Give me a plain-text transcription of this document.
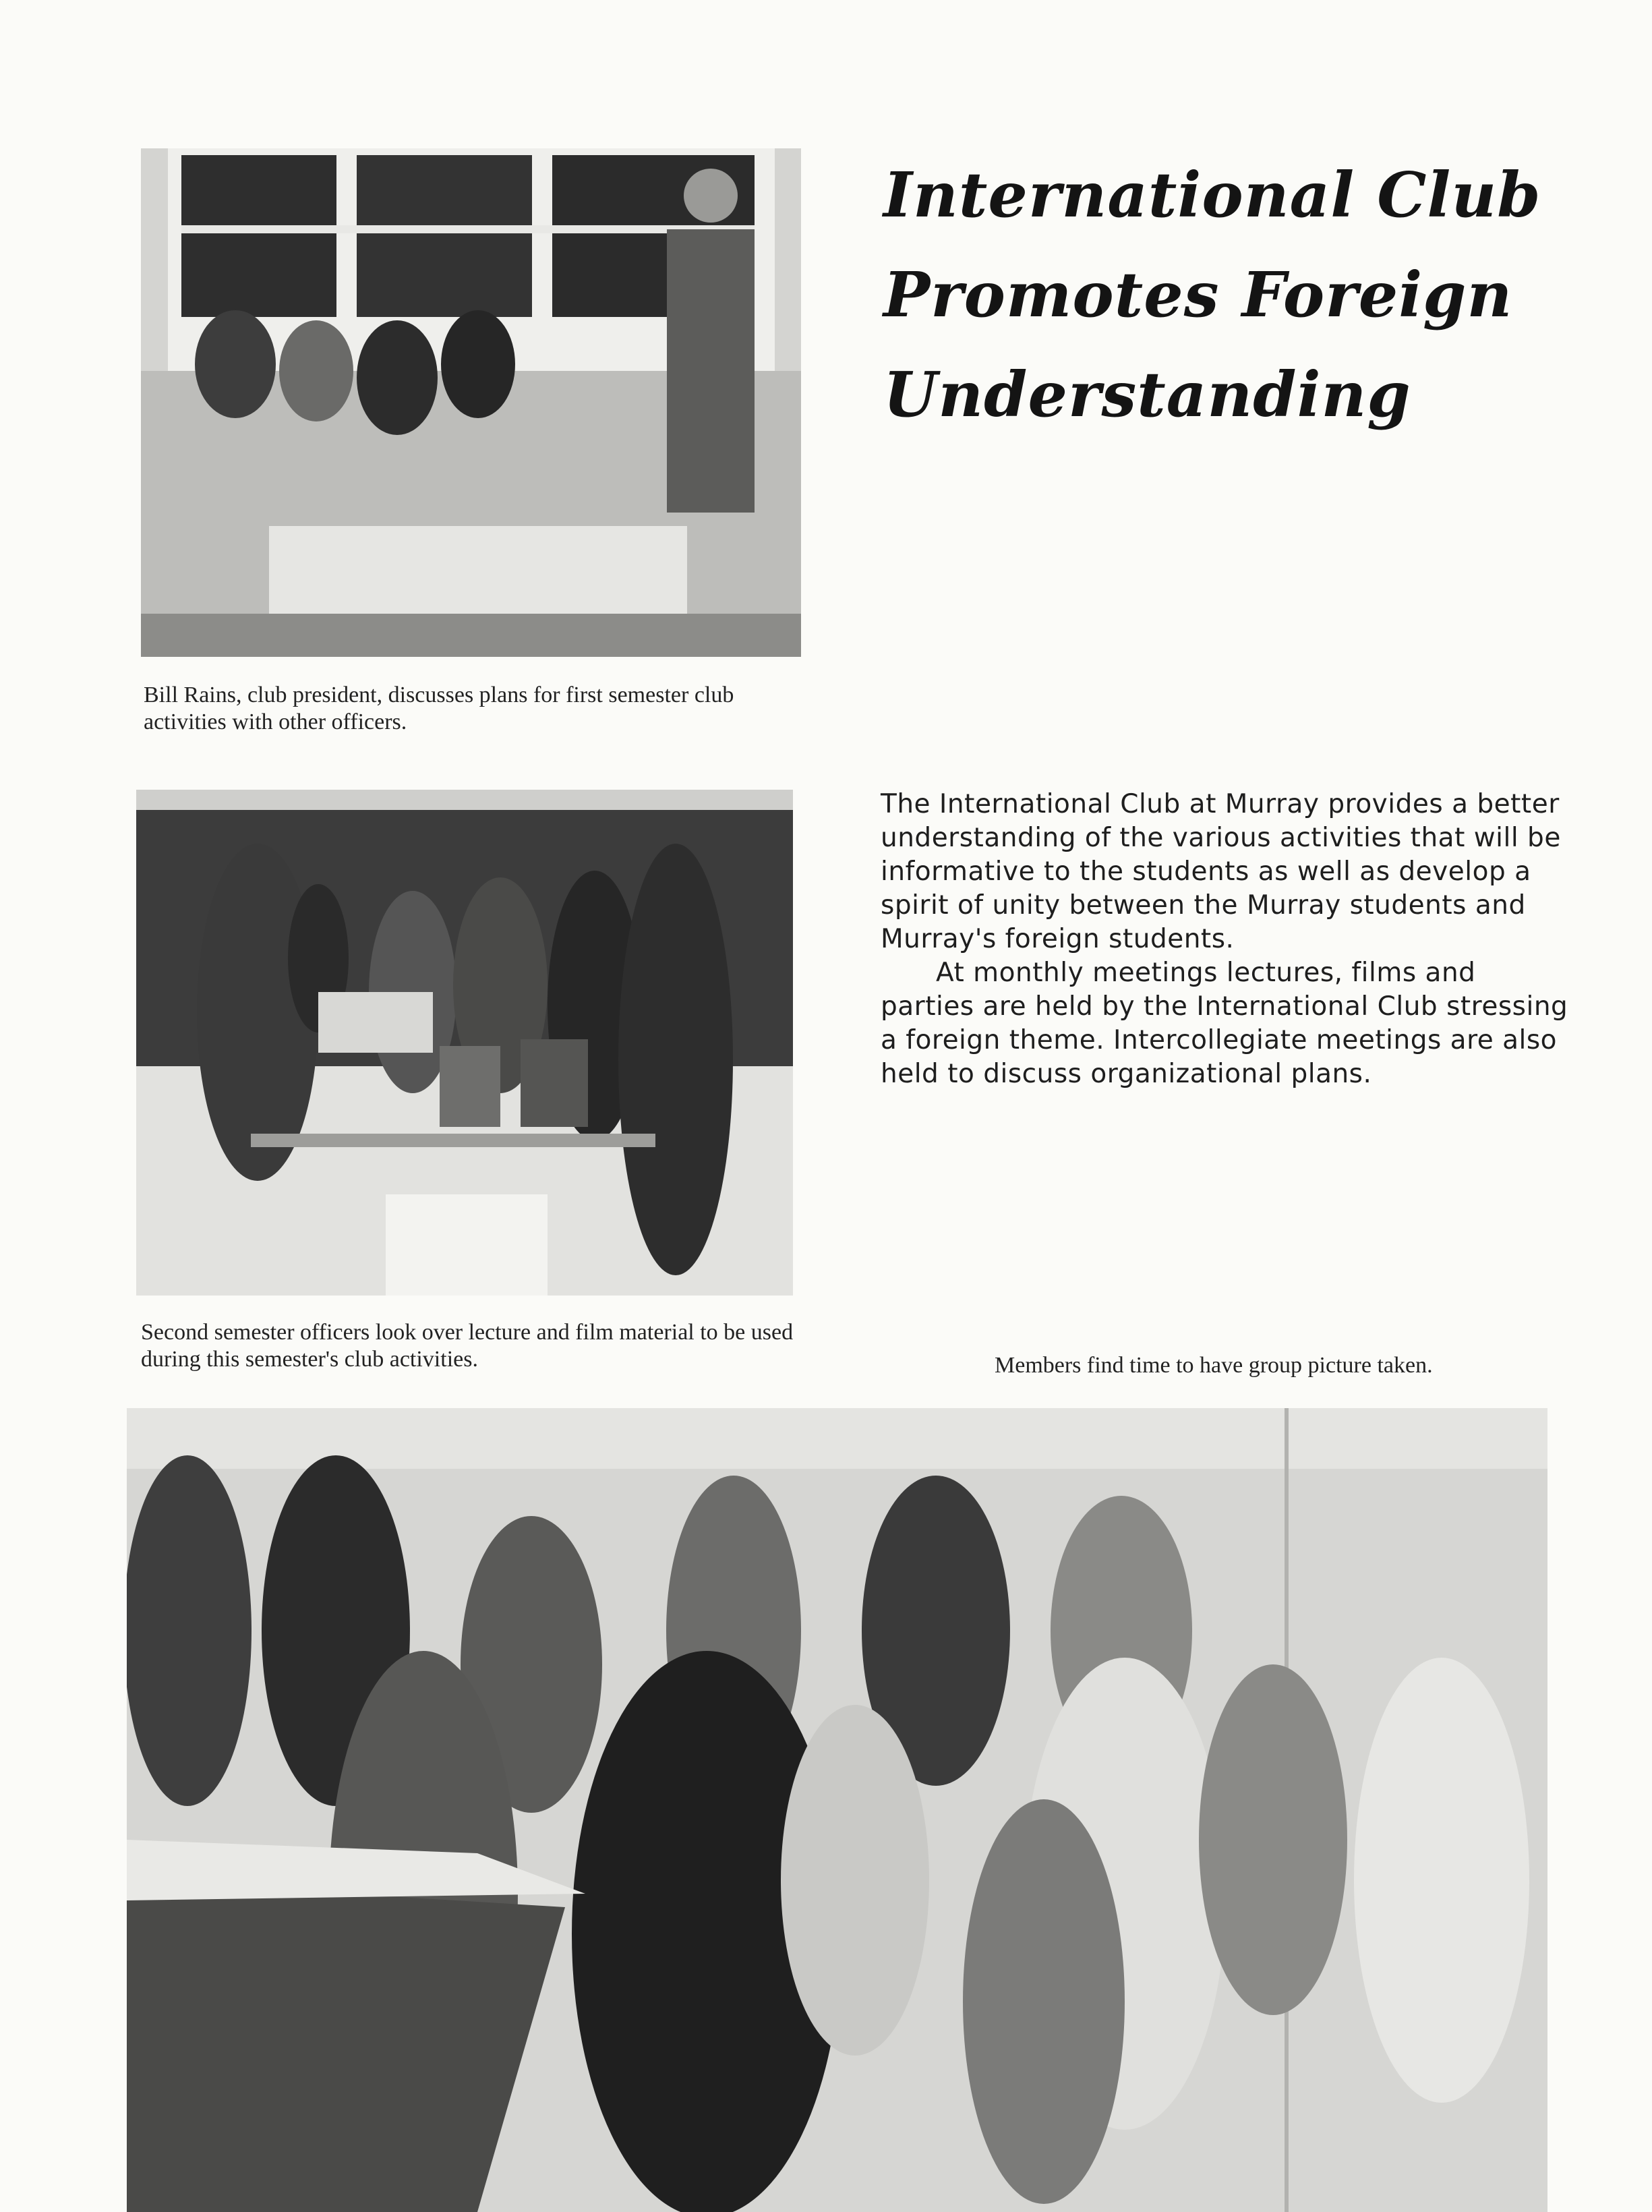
Bill Rains, club president, discusses plans for first semester club activities with other officers.

Second semester officers look over lecture and film material to be used during this semester's club activities.

International Club
Promotes Foreign
Understanding

The International Club at Murray provides a better understanding of the various activities that will be informative to the students as well as develop a spirit of unity between the Murray students and Murray's foreign students.

At monthly meetings lectures, films and parties are held by the International Club stressing a foreign theme. Intercollegiate meetings are also held to discuss organizational plans.

Members find time to have group picture taken.
